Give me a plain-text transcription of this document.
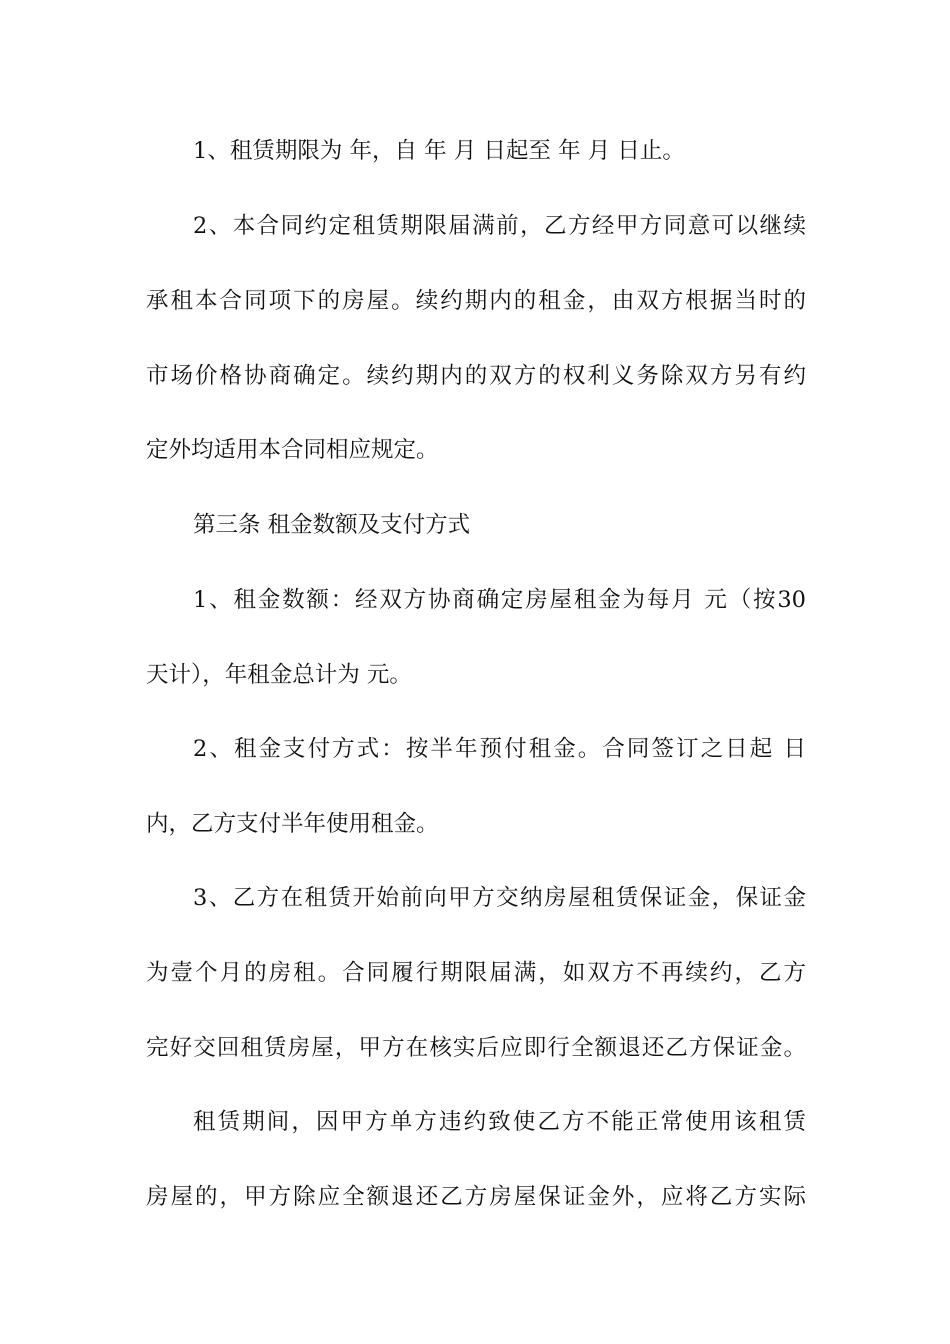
1、租赁期限为 年，自 年 月 日起至 年 月 日止。

2、本合同约定租赁期限届满前，乙方经甲方同意可以继续

承租本合同项下的房屋。续约期内的租金，由双方根据当时的

市场价格协商确定。续约期内的双方的权利义务除双方另有约

定外均适用本合同相应规定。

第三条 租金数额及支付方式

1、租金数额：经双方协商确定房屋租金为每月 元（按30

天计），年租金总计为 元。

2、租金支付方式：按半年预付租金。合同签订之日起 日

内，乙方支付半年使用租金。

3、乙方在租赁开始前向甲方交纳房屋租赁保证金，保证金

为壹个月的房租。合同履行期限届满，如双方不再续约，乙方

完好交回租赁房屋，甲方在核实后应即行全额退还乙方保证金。

租赁期间，因甲方单方违约致使乙方不能正常使用该租赁

房屋的，甲方除应全额退还乙方房屋保证金外，应将乙方实际
